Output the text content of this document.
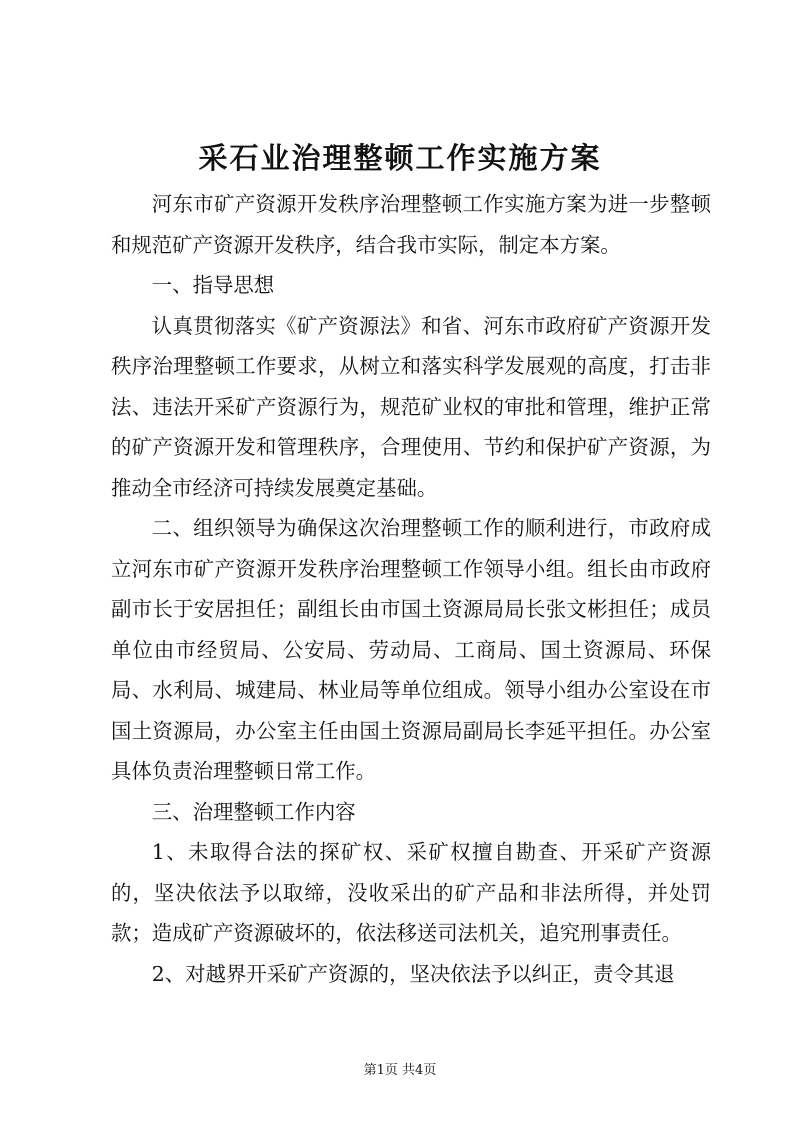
采石业治理整顿工作实施方案

河东市矿产资源开发秩序治理整顿工作实施方案为进一步整顿和规范矿产资源开发秩序，结合我市实际，制定本方案。

一、指导思想

认真贯彻落实《矿产资源法》和省、河东市政府矿产资源开发秩序治理整顿工作要求，从树立和落实科学发展观的高度，打击非法、违法开采矿产资源行为，规范矿业权的审批和管理，维护正常的矿产资源开发和管理秩序，合理使用、节约和保护矿产资源，为推动全市经济可持续发展奠定基础。

二、组织领导为确保这次治理整顿工作的顺利进行，市政府成立河东市矿产资源开发秩序治理整顿工作领导小组。组长由市政府副市长于安居担任；副组长由市国土资源局局长张文彬担任；成员单位由市经贸局、公安局、劳动局、工商局、国土资源局、环保局、水利局、城建局、林业局等单位组成。领导小组办公室设在市国土资源局，办公室主任由国土资源局副局长李延平担任。办公室具体负责治理整顿日常工作。

三、治理整顿工作内容

1、未取得合法的探矿权、采矿权擅自勘查、开采矿产资源的，坚决依法予以取缔，没收采出的矿产品和非法所得，并处罚款；造成矿产资源破坏的，依法移送司法机关，追究刑事责任。

2、对越界开采矿产资源的，坚决依法予以纠正，责令其退

第1页 共4页
